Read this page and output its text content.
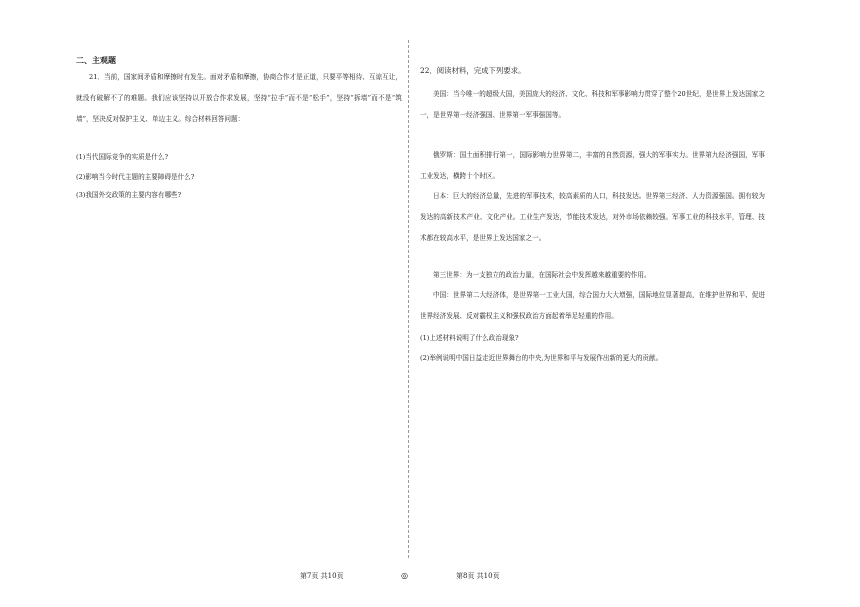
二、主观题

21．当前，国家间矛盾和摩擦时有发生。面对矛盾和摩擦，协商合作才是正道，只要平等相待、互谅互让，就没有破解不了的难题。我们应该坚持以开放合作求发展，坚持“拉手”而不是“松手”，坚持“拆墙”而不是“筑墙”，坚决反对保护主义、单边主义。综合材料回答问题：

(1)当代国际竞争的实质是什么?

(2)影响当今时代主题的主要障碍是什么?

(3)我国外交政策的主要内容有哪些?

22．阅读材料，完成下列要求。

美国：当今唯一的超级大国，美国庞大的经济、文化、科技和军事影响力贯穿了整个20世纪，是世界上发达国家之一，是世界第一经济强国、世界第一军事强国等。

俄罗斯：国土面积排行第一，国际影响力世界第二，丰富的自然资源，强大的军事实力。世界第九经济强国，军事工业发达，横跨十个时区。

日本：巨大的经济总量，先进的军事技术，较高素质的人口，科技发达。世界第三经济、人力资源强国。拥有较为发达的高新技术产业、文化产业。工业生产发达，节能技术发达，对外市场依赖较强。军事工业的科技水平，管理、技术都在较高水平，是世界上发达国家之一。

第三世界：为一支独立的政治力量，在国际社会中发挥越来越重要的作用。

中国：世界第二大经济体，是世界第一工业大国，综合国力大大增强，国际地位显著提高，在维护世界和平、促进世界经济发展、反对霸权主义和强权政治方面起着举足轻重的作用。

(1)上述材料说明了什么政治现象?

(2)举例说明中国日益走近世界舞台的中央,为世界和平与发展作出新的更大的贡献。

第7页 共10页	◎	第8页 共10页
